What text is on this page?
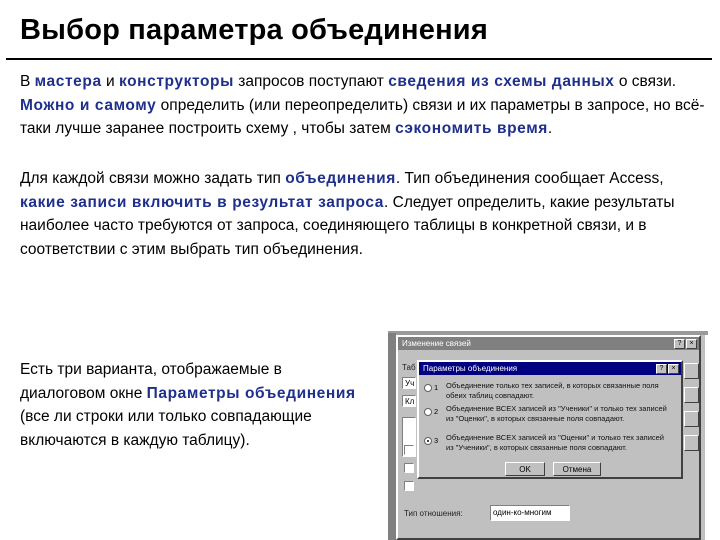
Выбор параметра объединения
В мастера и конструкторы запросов поступают сведения из схемы данных о связи. Можно и самому определить (или переопределить) связи и их параметры в запросе, но всё-таки лучше заранее построить схему , чтобы затем сэкономить время.
Для каждой связи можно задать тип объединения. Тип объединения сообщает Access, какие записи включить в результат запроса. Следует определить, какие результаты наиболее часто требуются от запроса, соединяющего таблицы в конкретной связи, и в соответствии с этим выбрать тип объединения.
Есть три варианта, отображаемые в диалоговом окне Параметры объединения (все ли строки или только совпадающие включаются в каждую таблицу).
Изменение связей	?	×
Таб
Уч
Кл
Тип отношения:	один-ко-многим
Параметры объединения	?	×
1 Объединение только тех записей, в которых связанные поля обеих таблиц совпадают.
2 Объединение ВСЕХ записей из "Ученики" и только тех записей из "Оценки", в которых связанные поля совпадают.
3 Объединение ВСЕХ записей из "Оценки" и только тех записей из "Ученики", в которых связанные поля совпадают.
OK	Отмена
